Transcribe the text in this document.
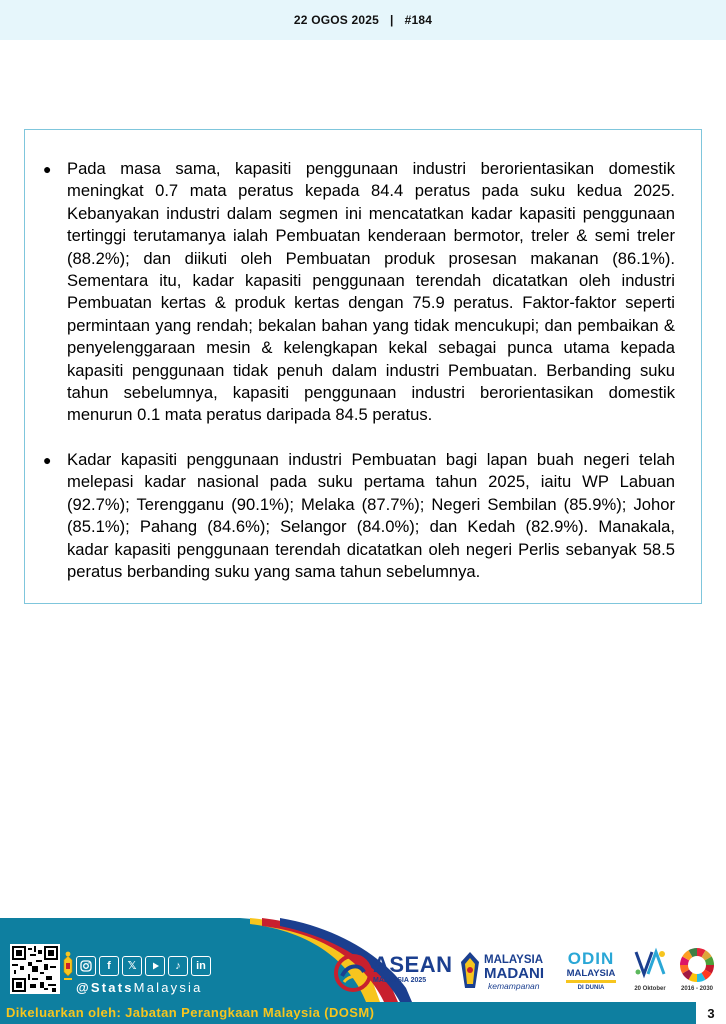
22 OGOS 2025 | #184
● Pada masa sama, kapasiti penggunaan industri berorientasikan domestik meningkat 0.7 mata peratus kepada 84.4 peratus pada suku kedua 2025. Kebanyakan industri dalam segmen ini mencatatkan kadar kapasiti penggunaan tertinggi terutamanya ialah Pembuatan kenderaan bermotor, treler & semi treler (88.2%); dan diikuti oleh Pembuatan produk prosesan makanan (86.1%). Sementara itu, kadar kapasiti penggunaan terendah dicatatkan oleh industri Pembuatan kertas & produk kertas dengan 75.9 peratus. Faktor-faktor seperti permintaan yang rendah; bekalan bahan yang tidak mencukupi; dan pembaikan & penyelenggaraan mesin & kelengkapan kekal sebagai punca utama kepada kapasiti penggunaan tidak penuh dalam industri Pembuatan. Berbanding suku tahun sebelumnya, kapasiti penggunaan industri berorientasikan domestik menurun 0.1 mata peratus daripada 84.5 peratus.

● Kadar kapasiti penggunaan industri Pembuatan bagi lapan buah negeri telah melepasi kadar nasional pada suku pertama tahun 2025, iaitu WP Labuan (92.7%); Terengganu (90.1%); Melaka (87.7%); Negeri Sembilan (85.9%); Johor (85.1%); Pahang (84.6%); Selangor (84.0%); dan Kedah (82.9%). Manakala, kadar kapasiti penggunaan terendah dicatatkan oleh negeri Perlis sebanyak 58.5 peratus berbanding suku yang sama tahun sebelumnya.

f	𝕏	♪	in
@StatsMalaysia
ASEAN
MALAYSIA 2025
MALAYSIA
MADANI
kemampanan
ODIN
MALAYSIA
DI DUNIA	20 Oktober	2016 - 2030
Dikeluarkan oleh: Jabatan Perangkaan Malaysia (DOSM)	3
